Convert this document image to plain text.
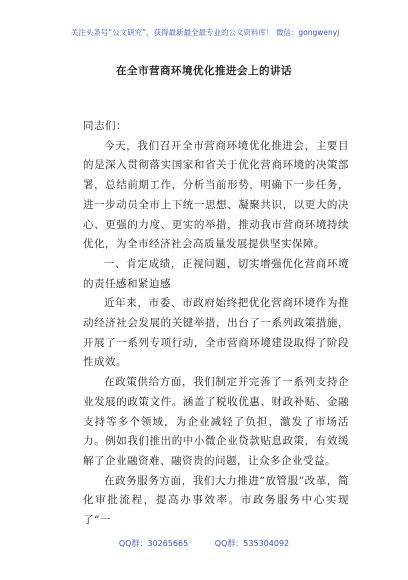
关注头条号“公文研究”，获得最新最全最专业的公文资料库！ 微信：gongwenyj
在全市营商环境优化推进会上的讲话

同志们：

今天，我们召开全市营商环境优化推进会，主要目的是深入贯彻落实国家和省关于优化营商环境的决策部署，总结前期工作，分析当前形势，明确下一步任务，进一步动员全市上下统一思想、凝聚共识，以更大的决心、更强的力度、更实的举措，推动我市营商环境持续优化，为全市经济社会高质量发展提供坚实保障。

一、肯定成绩，正视问题，切实增强优化营商环境的责任感和紧迫感

近年来，市委、市政府始终把优化营商环境作为推动经济社会发展的关键举措，出台了一系列政策措施，开展了一系列专项行动，全市营商环境建设取得了阶段性成效。

在政策供给方面，我们制定并完善了一系列支持企业发展的政策文件。涵盖了税收优惠、财政补贴、金融支持等多个领域，为企业减轻了负担，激发了市场活力。例如我们推出的中小微企业贷款贴息政策，有效缓解了企业融资难、融资贵的问题，让众多企业受益。

在政务服务方面，我们大力推进“放管服”改革，简化审批流程，提高办事效率。市政务服务中心实现了“一

QQ群：30265665	QQ群：535304092
